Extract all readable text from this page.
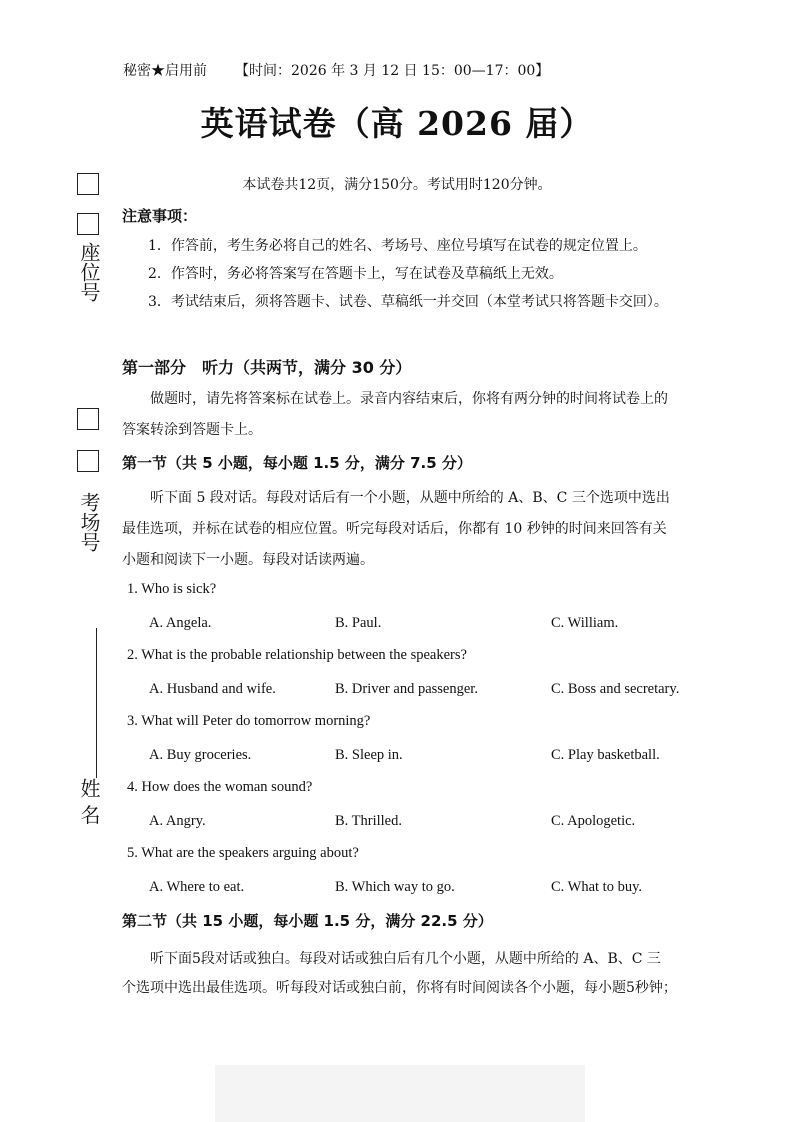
秘密★启用前 【时间：2026 年 3 月 12 日 15：00—17：00】
英语试卷（高 2026 届）
本试卷共12页，满分150分。考试用时120分钟。
注意事项：
1．作答前，考生务必将自己的姓名、考场号、座位号填写在试卷的规定位置上。
2．作答时，务必将答案写在答题卡上，写在试卷及草稿纸上无效。
3．考试结束后，须将答题卡、试卷、草稿纸一并交回（本堂考试只将答题卡交回）。
座位号
考场号
姓 名
第一部分　听力（共两节，满分 30 分）
做题时，请先将答案标在试卷上。录音内容结束后，你将有两分钟的时间将试卷上的
答案转涂到答题卡上。
第一节（共 5 小题，每小题 1.5 分，满分 7.5 分）
听下面 5 段对话。每段对话后有一个小题，从题中所给的 A、B、C 三个选项中选出
最佳选项，并标在试卷的相应位置。听完每段对话后，你都有 10 秒钟的时间来回答有关
小题和阅读下一小题。每段对话读两遍。
1. Who is sick?
A. Angela.	B. Paul.	C. William.
2. What is the probable relationship between the speakers?
A. Husband and wife.	B. Driver and passenger.	C. Boss and secretary.
3. What will Peter do tomorrow morning?
A. Buy groceries.	B. Sleep in.	C. Play basketball.
4. How does the woman sound?
A. Angry.	B. Thrilled.	C. Apologetic.
5. What are the speakers arguing about?
A. Where to eat.	B. Which way to go.	C. What to buy.
第二节（共 15 小题，每小题 1.5 分，满分 22.5 分）
听下面5段对话或独白。每段对话或独白后有几个小题，从题中所给的 A、B、C 三
个选项中选出最佳选项。听每段对话或独白前，你将有时间阅读各个小题，每小题5秒钟；
